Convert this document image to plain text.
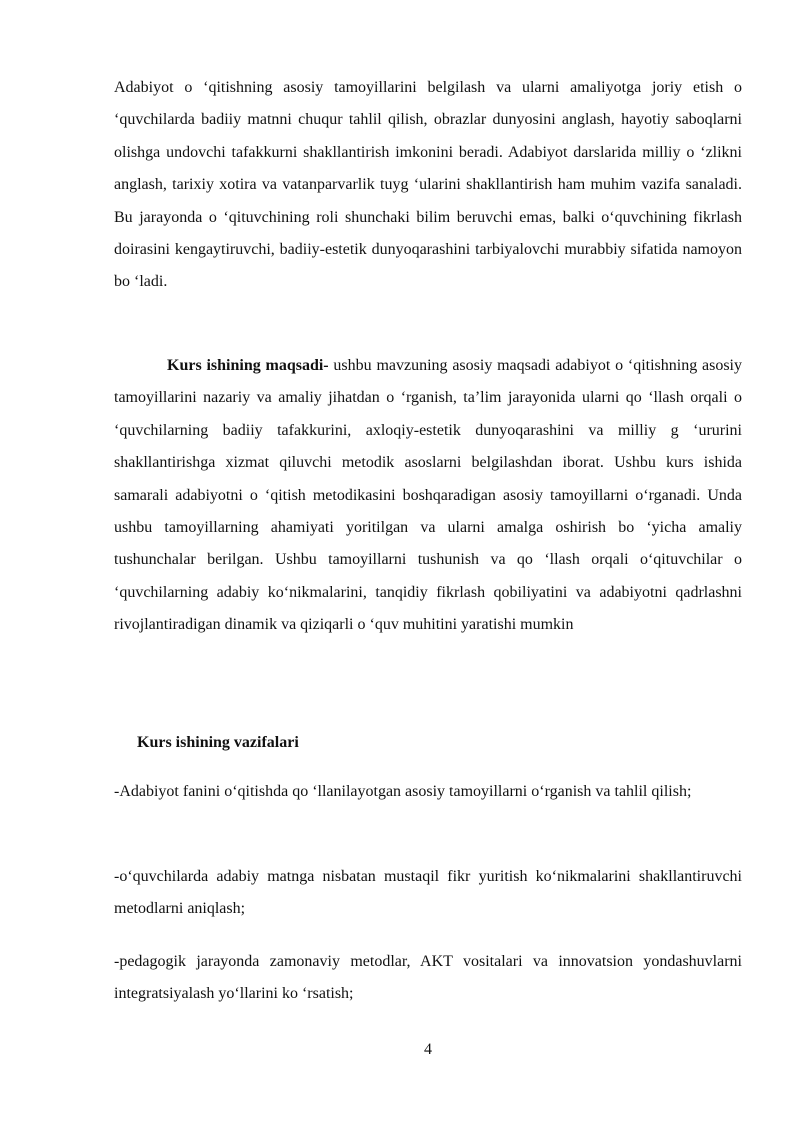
Adabiyot o ‘qitishning asosiy tamoyillarini belgilash va ularni amaliyotga joriy etish o ‘quvchilarda badiiy matnni chuqur tahlil qilish, obrazlar dunyosini anglash, hayotiy saboqlarni olishga undovchi tafakkurni shakllantirish imkonini beradi. Adabiyot darslarida milliy o ‘zlikni anglash, tarixiy xotira va vatanparvarlik tuyg ‘ularini shakllantirish ham muhim vazifa sanaladi. Bu jarayonda o ‘qituvchining roli shunchaki bilim beruvchi emas, balki o‘quvchining fikrlash doirasini kengaytiruvchi, badiiy-estetik dunyoqarashini tarbiyalovchi murabbiy sifatida namoyon bo ‘ladi.

Kurs ishining maqsadi- ushbu mavzuning asosiy maqsadi adabiyot o ‘qitishning asosiy tamoyillarini nazariy va amaliy jihatdan o ‘rganish, ta’lim jarayonida ularni qo ‘llash orqali o ‘quvchilarning badiiy tafakkurini, axloqiy-estetik dunyoqarashini va milliy g ‘ururini shakllantirishga xizmat qiluvchi metodik asoslarni belgilashdan iborat. Ushbu kurs ishida samarali adabiyotni o ‘qitish metodikasini boshqaradigan asosiy tamoyillarni o‘rganadi. Unda ushbu tamoyillarning ahamiyati yoritilgan va ularni amalga oshirish bo ‘yicha amaliy tushunchalar berilgan. Ushbu tamoyillarni tushunish va qo ‘llash orqali o‘qituvchilar o ‘quvchilarning adabiy ko‘nikmalarini, tanqidiy fikrlash qobiliyatini va adabiyotni qadrlashni rivojlantiradigan dinamik va qiziqarli o ‘quv muhitini yaratishi mumkin

Kurs ishining vazifalari

-Adabiyot fanini o‘qitishda qo ‘llanilayotgan asosiy tamoyillarni o‘rganish va tahlil qilish;

-o‘quvchilarda adabiy matnga nisbatan mustaqil fikr yuritish ko‘nikmalarini shakllantiruvchi metodlarni aniqlash;

-pedagogik jarayonda zamonaviy metodlar, AKT vositalari va innovatsion yondashuvlarni integratsiyalash yo‘llarini ko ‘rsatish;

4
